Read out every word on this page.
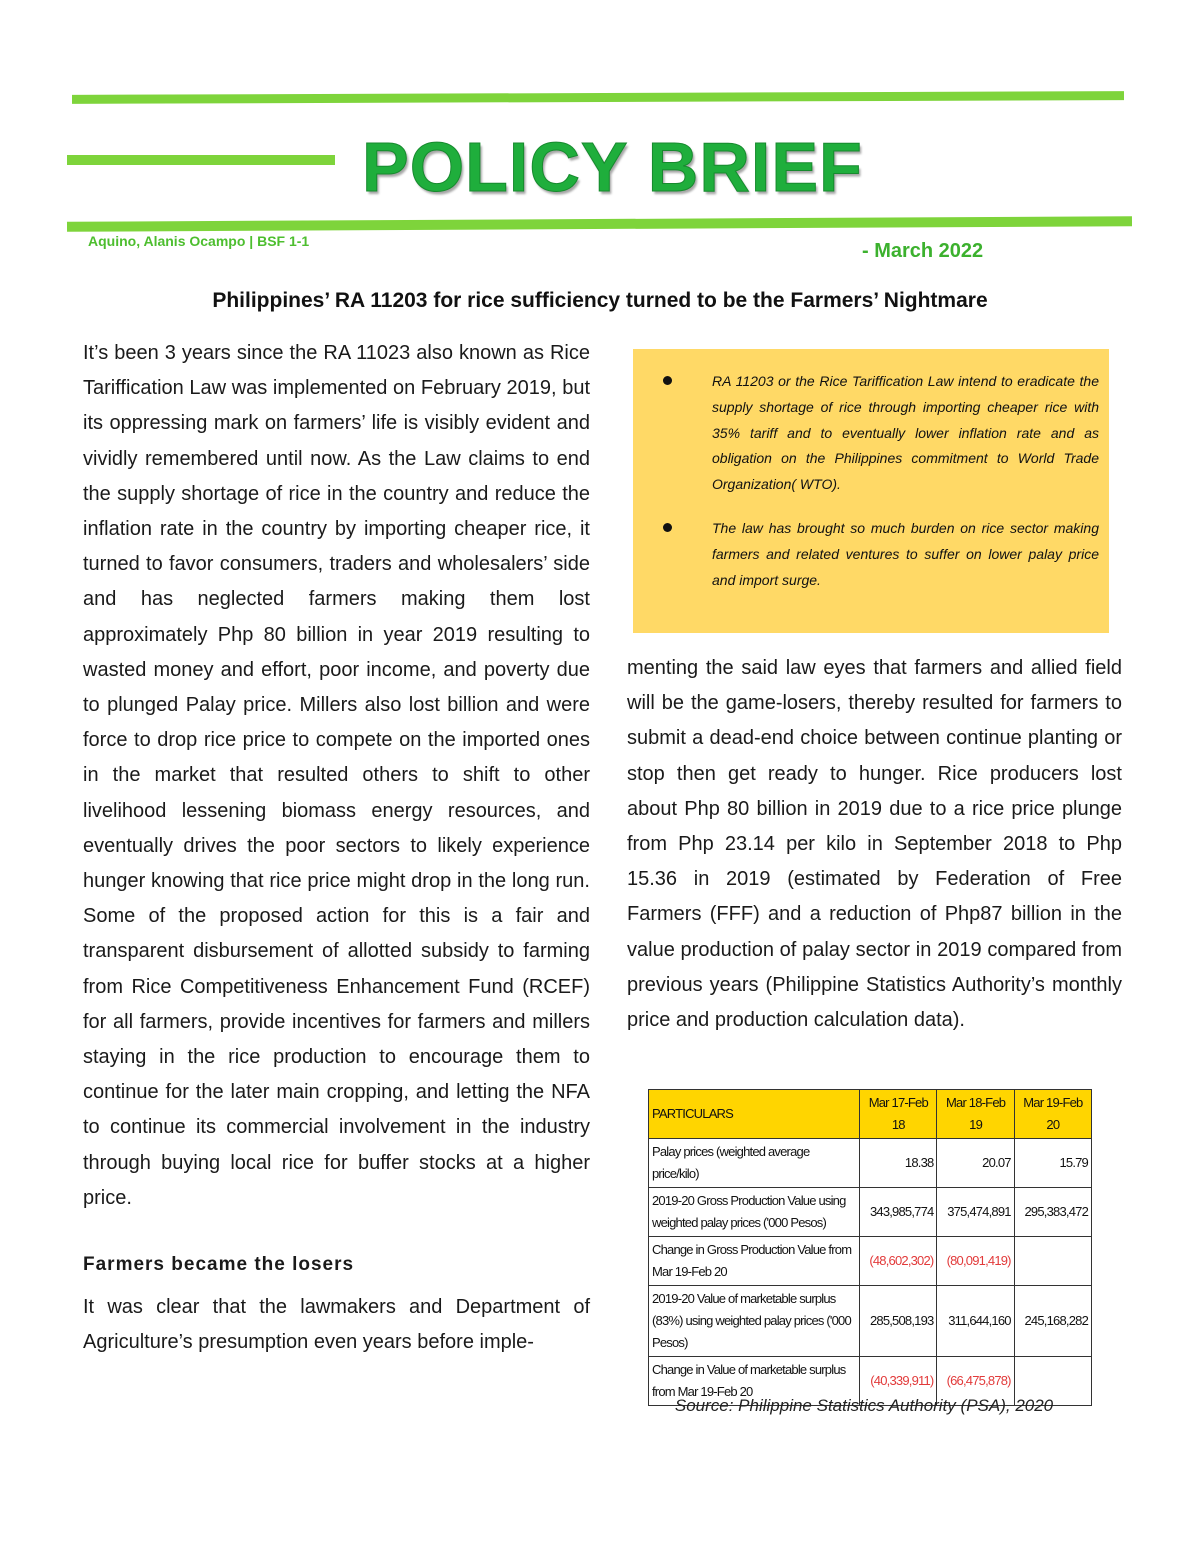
POLICY BRIEF
Aquino, Alanis Ocampo | BSF 1-1	- March 2022
Philippines’ RA 11203 for rice sufficiency turned to be the Farmers’ Nightmare

It’s been 3 years since the RA 11023 also known as Rice Tariffication Law was implemented on February 2019, but its oppressing mark on farmers’ life is visibly evident and vividly remembered until now. As the Law claims to end the supply shortage of rice in the country and reduce the inflation rate in the country by importing cheaper rice, it turned to favor consumers, traders and wholesalers’ side and has neglected farmers making them lost approximately Php 80 billion in year 2019 resulting to wasted money and effort, poor income, and poverty due to plunged Palay price. Millers also lost billion and were force to drop rice price to compete on the imported ones in the market that resulted others to shift to other livelihood lessening biomass energy resources, and eventually drives the poor sectors to likely experience hunger knowing that rice price might drop in the long run. Some of the proposed action for this is a fair and transparent disbursement of allotted subsidy to farming from Rice Competitiveness Enhancement Fund (RCEF) for all farmers, provide incentives for farmers and millers staying in the rice production to encourage them to continue for the later main cropping, and letting the NFA to continue its commercial involvement in the industry through buying local rice for buffer stocks at a higher price.

Farmers became the losers

It was clear that the lawmakers and Department of Agriculture’s presumption even years before imple-

RA 11203 or the Rice Tariffication Law intend to eradicate the supply shortage of rice through importing cheaper rice with 35% tariff and to eventually lower inflation rate and as obligation on the Philippines commitment to World Trade Organization( WTO).
The law has brought so much burden on rice sector making farmers and related ventures to suffer on lower palay price and import surge.

menting the said law eyes that farmers and allied field will be the game-losers, thereby resulted for farmers to submit a dead-end choice between continue planting or stop then get ready to hunger. Rice producers lost about Php 80 billion in 2019 due to a rice price plunge from Php 23.14 per kilo in September 2018 to Php 15.36 in 2019 (estimated by Federation of Free Farmers (FFF) and a reduction of Php87 billion in the value production of palay sector in 2019 compared from previous years (Philippine Statistics Authority’s monthly price and production calculation data).

PARTICULARS	Mar 17-Feb 18	Mar 18-Feb 19	Mar 19-Feb 20
Palay prices (weighted average price/kilo)	18.38	20.07	15.79
2019-20 Gross Production Value using weighted palay prices ('000 Pesos)	343,985,774	375,474,891	295,383,472
Change in Gross Production Value from Mar 19-Feb 20	(48,602,302)	(80,091,419)	
2019-20 Value of marketable surplus (83%) using weighted palay prices ('000 Pesos)	285,508,193	311,644,160	245,168,282
Change in Value of marketable surplus from Mar 19-Feb 20	(40,339,911)	(66,475,878)	
Source: Philippine Statistics Authority (PSA), 2020
